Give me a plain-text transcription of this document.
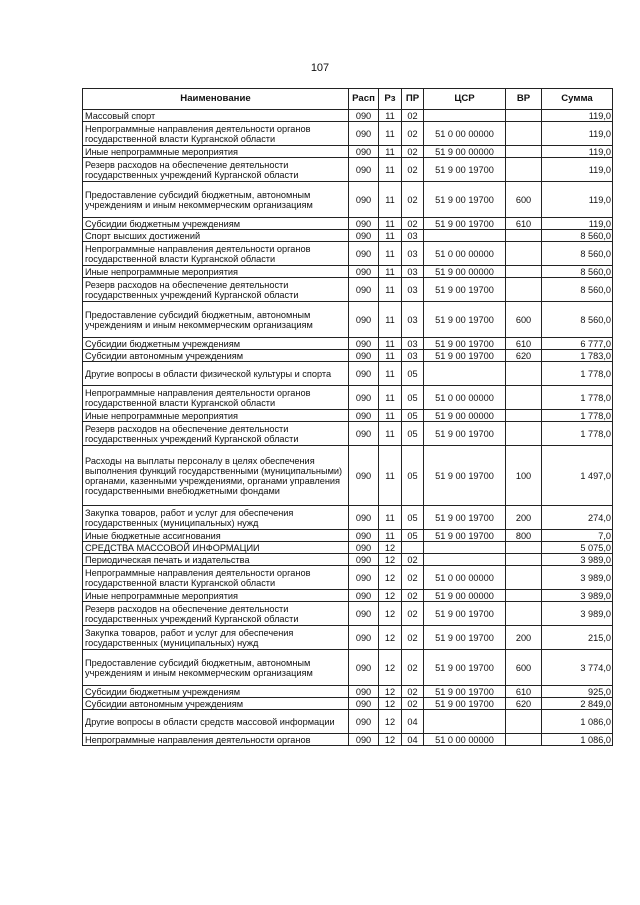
107
Наименование	Расп	Рз	ПР	ЦСР	ВР	Сумма
Массовый спорт	090	11	02			119,0
Непрограммные направления деятельности органов государственной власти Курганской области	090	11	02	51 0 00 00000		119,0
Иные непрограммные мероприятия	090	11	02	51 9 00 00000		119,0
Резерв расходов на обеспечение деятельности государственных учреждений Курганской области	090	11	02	51 9 00 19700		119,0
Предоставление субсидий бюджетным, автономным учреждениям и иным некоммерческим организациям	090	11	02	51 9 00 19700	600	119,0
Субсидии бюджетным учреждениям	090	11	02	51 9 00 19700	610	119,0
Спорт высших достижений	090	11	03			8 560,0
Непрограммные направления деятельности органов государственной власти Курганской области	090	11	03	51 0 00 00000		8 560,0
Иные непрограммные мероприятия	090	11	03	51 9 00 00000		8 560,0
Резерв расходов на обеспечение деятельности государственных учреждений Курганской области	090	11	03	51 9 00 19700		8 560,0
Предоставление субсидий бюджетным, автономным учреждениям и иным некоммерческим организациям	090	11	03	51 9 00 19700	600	8 560,0
Субсидии бюджетным учреждениям	090	11	03	51 9 00 19700	610	6 777,0
Субсидии автономным учреждениям	090	11	03	51 9 00 19700	620	1 783,0
Другие вопросы в области физической культуры и спорта	090	11	05			1 778,0
Непрограммные направления деятельности органов государственной власти Курганской области	090	11	05	51 0 00 00000		1 778,0
Иные непрограммные мероприятия	090	11	05	51 9 00 00000		1 778,0
Резерв расходов на обеспечение деятельности государственных учреждений Курганской области	090	11	05	51 9 00 19700		1 778,0
Расходы на выплаты персоналу в целях обеспечения выполнения функций государственными (муниципальными) органами, казенными учреждениями, органами управления государственными внебюджетными фондами	090	11	05	51 9 00 19700	100	1 497,0
Закупка товаров, работ и услуг для обеспечения государственных (муниципальных) нужд	090	11	05	51 9 00 19700	200	274,0
Иные бюджетные ассигнования	090	11	05	51 9 00 19700	800	7,0
СРЕДСТВА МАССОВОЙ ИНФОРМАЦИИ	090	12				5 075,0
Периодическая печать и издательства	090	12	02			3 989,0
Непрограммные направления деятельности органов государственной власти Курганской области	090	12	02	51 0 00 00000		3 989,0
Иные непрограммные мероприятия	090	12	02	51 9 00 00000		3 989,0
Резерв расходов на обеспечение деятельности государственных учреждений Курганской области	090	12	02	51 9 00 19700		3 989,0
Закупка товаров, работ и услуг для обеспечения государственных (муниципальных) нужд	090	12	02	51 9 00 19700	200	215,0
Предоставление субсидий бюджетным, автономным учреждениям и иным некоммерческим организациям	090	12	02	51 9 00 19700	600	3 774,0
Субсидии бюджетным учреждениям	090	12	02	51 9 00 19700	610	925,0
Субсидии автономным учреждениям	090	12	02	51 9 00 19700	620	2 849,0
Другие вопросы в области средств массовой информации	090	12	04			1 086,0
Непрограммные направления деятельности органов	090	12	04	51 0 00 00000		1 086,0
